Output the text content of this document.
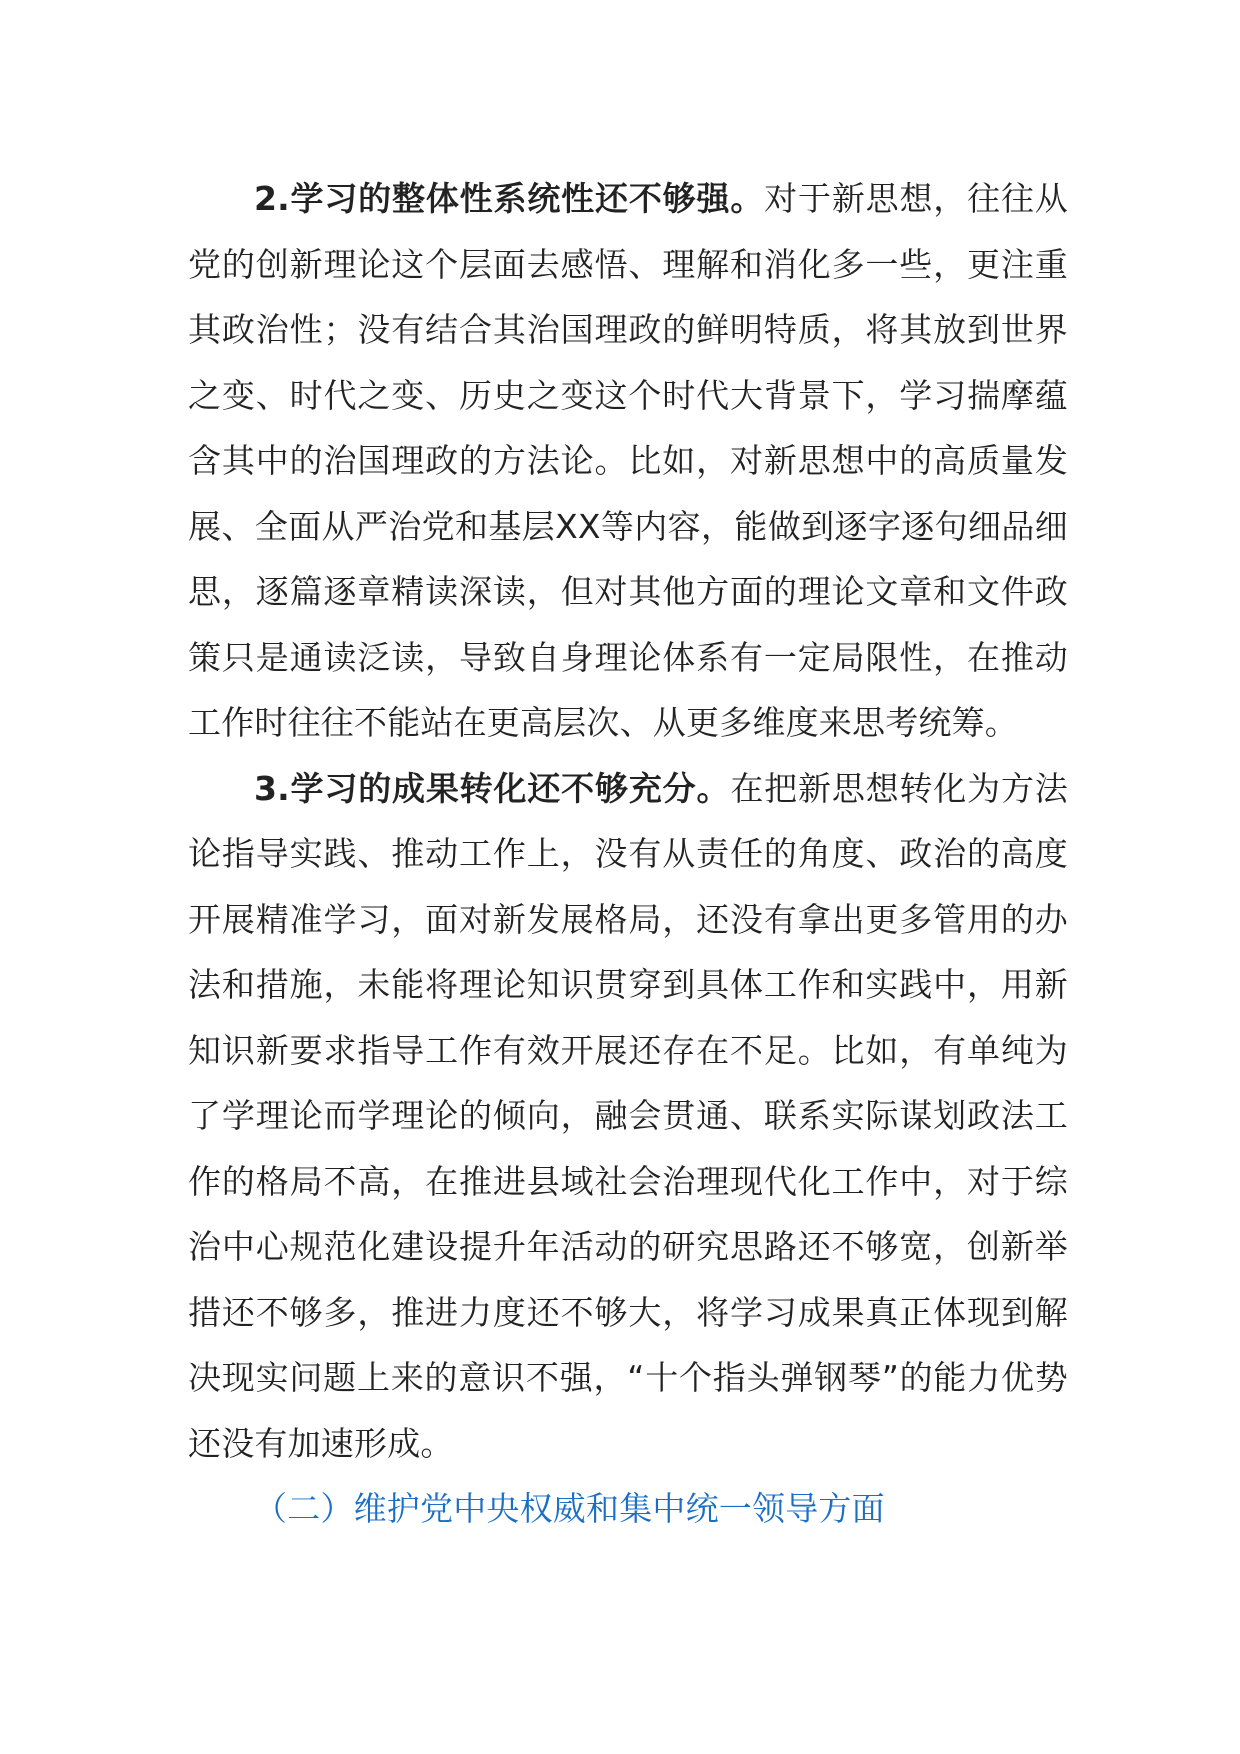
2.学习的整体性系统性还不够强。对于新思想，往往从党的创新理论这个层面去感悟、理解和消化多一些，更注重其政治性；没有结合其治国理政的鲜明特质，将其放到世界之变、时代之变、历史之变这个时代大背景下，学习揣摩蕴含其中的治国理政的方法论。比如，对新思想中的高质量发展、全面从严治党和基层XX等内容，能做到逐字逐句细品细思，逐篇逐章精读深读，但对其他方面的理论文章和文件政策只是通读泛读，导致自身理论体系有一定局限性，在推动工作时往往不能站在更高层次、从更多维度来思考统筹。

3.学习的成果转化还不够充分。在把新思想转化为方法论指导实践、推动工作上，没有从责任的角度、政治的高度开展精准学习，面对新发展格局，还没有拿出更多管用的办法和措施，未能将理论知识贯穿到具体工作和实践中，用新知识新要求指导工作有效开展还存在不足。比如，有单纯为了学理论而学理论的倾向，融会贯通、联系实际谋划政法工作的格局不高，在推进县域社会治理现代化工作中，对于综治中心规范化建设提升年活动的研究思路还不够宽，创新举措还不够多，推进力度还不够大，将学习成果真正体现到解决现实问题上来的意识不强，“十个指头弹钢琴”的能力优势还没有加速形成。

（二）维护党中央权威和集中统一领导方面
